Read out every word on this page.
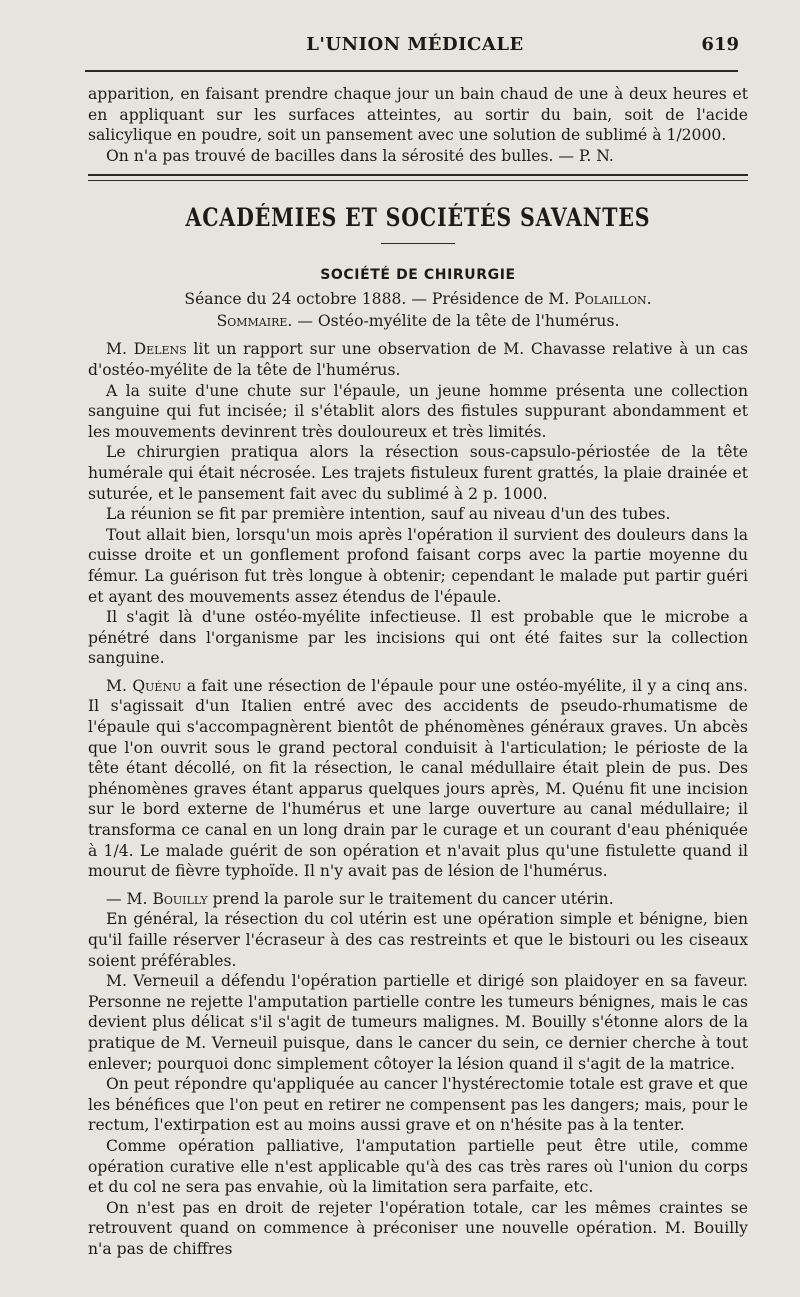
L'UNION MÉDICALE	619

apparition, en faisant prendre chaque jour un bain chaud de une à deux heures et en appliquant sur les surfaces atteintes, au sortir du bain, soit de l'acide salicylique en poudre, soit un pansement avec une solution de sublimé à 1/2000.

On n'a pas trouvé de bacilles dans la sérosité des bulles. — P. N.

ACADÉMIES ET SOCIÉTÉS SAVANTES
SOCIÉTÉ DE CHIRURGIE
Séance du 24 octobre 1888. — Présidence de M. Polaillon.
Sommaire. — Ostéo-myélite de la tête de l'humérus.

M. Delens lit un rapport sur une observation de M. Chavasse relative à un cas d'ostéo-myélite de la tête de l'humérus.

A la suite d'une chute sur l'épaule, un jeune homme présenta une collection sanguine qui fut incisée; il s'établit alors des fistules suppurant abondamment et les mouvements devinrent très douloureux et très limités.

Le chirurgien pratiqua alors la résection sous-capsulo-périostée de la tête humérale qui était nécrosée. Les trajets fistuleux furent grattés, la plaie drainée et suturée, et le pansement fait avec du sublimé à 2 p. 1000.

La réunion se fit par première intention, sauf au niveau d'un des tubes.

Tout allait bien, lorsqu'un mois après l'opération il survient des douleurs dans la cuisse droite et un gonflement profond faisant corps avec la partie moyenne du fémur. La guérison fut très longue à obtenir; cependant le malade put partir guéri et ayant des mouvements assez étendus de l'épaule.

Il s'agit là d'une ostéo-myélite infectieuse. Il est probable que le microbe a pénétré dans l'organisme par les incisions qui ont été faites sur la collection sanguine.

M. Quénu a fait une résection de l'épaule pour une ostéo-myélite, il y a cinq ans. Il s'agissait d'un Italien entré avec des accidents de pseudo-rhumatisme de l'épaule qui s'accompagnèrent bientôt de phénomènes généraux graves. Un abcès que l'on ouvrit sous le grand pectoral conduisit à l'articulation; le périoste de la tête étant décollé, on fit la résection, le canal médullaire était plein de pus. Des phénomènes graves étant apparus quelques jours après, M. Quénu fit une incision sur le bord externe de l'humérus et une large ouverture au canal médullaire; il transforma ce canal en un long drain par le curage et un courant d'eau phéniquée à 1/4. Le malade guérit de son opération et n'avait plus qu'une fistulette quand il mourut de fièvre typhoïde. Il n'y avait pas de lésion de l'humérus.

— M. Bouilly prend la parole sur le traitement du cancer utérin.

En général, la résection du col utérin est une opération simple et bénigne, bien qu'il faille réserver l'écraseur à des cas restreints et que le bistouri ou les ciseaux soient préférables.

M. Verneuil a défendu l'opération partielle et dirigé son plaidoyer en sa faveur. Personne ne rejette l'amputation partielle contre les tumeurs bénignes, mais le cas devient plus délicat s'il s'agit de tumeurs malignes. M. Bouilly s'étonne alors de la pratique de M. Verneuil puisque, dans le cancer du sein, ce dernier cherche à tout enlever; pourquoi donc simplement côtoyer la lésion quand il s'agit de la matrice.

On peut répondre qu'appliquée au cancer l'hystérectomie totale est grave et que les bénéfices que l'on peut en retirer ne compensent pas les dangers; mais, pour le rectum, l'extirpation est au moins aussi grave et on n'hésite pas à la tenter.

Comme opération palliative, l'amputation partielle peut être utile, comme opération curative elle n'est applicable qu'à des cas très rares où l'union du corps et du col ne sera pas envahie, où la limitation sera parfaite, etc.

On n'est pas en droit de rejeter l'opération totale, car les mêmes craintes se retrouvent quand on commence à préconiser une nouvelle opération. M. Bouilly n'a pas de chiffres
